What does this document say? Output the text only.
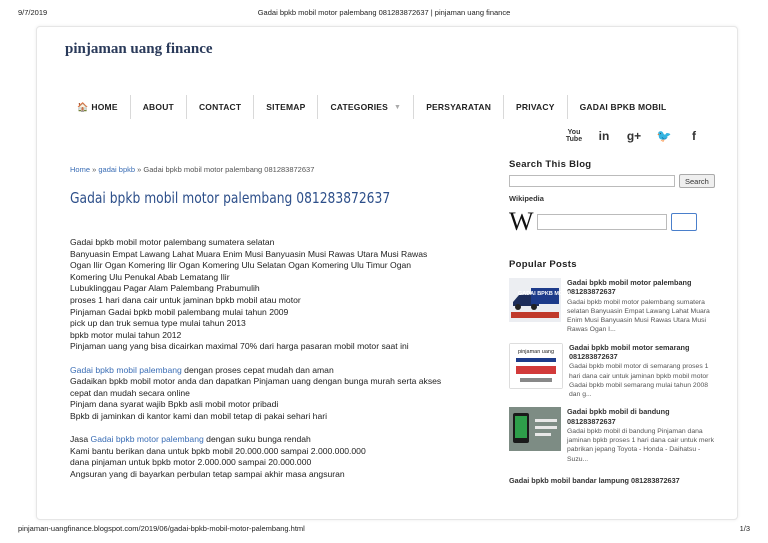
9/7/2019	Gadai bpkb mobil motor palembang 081283872637 | pinjaman uang finance
pinjaman uang finance
🏠 HOME	ABOUT	CONTACT	SITEMAP	CATEGORIES ▼	PERSYARATAN	PRIVACY	GADAI BPKB MOBIL
You Tube	in	g+	🐦	f
Home » gadai bpkb » Gadai bpkb mobil motor palembang 081283872637
Gadai bpkb mobil motor palembang 081283872637

Gadai bpkb mobil motor palembang sumatera selatan

Banyuasin Empat Lawang Lahat Muara Enim Musi Banyuasin Musi Rawas Utara Musi Rawas

Ogan Ilir Ogan Komering Ilir Ogan Komering Ulu Selatan Ogan Komering Ulu Timur Ogan

Komering Ulu Penukal Abab Lematang Ilir

Lubuklinggau Pagar Alam Palembang Prabumulih

proses 1 hari dana cair untuk jaminan bpkb mobil atau motor

Pinjaman Gadai bpkb mobil palembang mulai tahun 2009

pick up dan truk semua type mulai tahun 2013

bpkb motor mulai tahun 2012

Pinjaman uang yang bisa dicairkan maximal 70% dari harga pasaran mobil motor saat ini

Gadai bpkb mobil palembang dengan proses cepat mudah dan aman

Gadaikan bpkb mobil motor anda dan dapatkan Pinjaman uang dengan bunga murah serta akses

cepat dan mudah secara online

Pinjam dana syarat wajib Bpkb asli mobil motor pribadi

Bpkb di jaminkan di kantor kami dan mobil tetap di pakai sehari hari

Jasa Gadai bpkb motor palembang dengan suku bunga rendah

Kami bantu berikan dana untuk bpkb mobil 20.000.000 sampai 2.000.000.000

dana pinjaman untuk bpkb motor 2.000.000 sampai 20.000.000

Angsuran yang di bayarkan perbulan tetap sampai akhir masa angsuran

Search This Blog
Search
Wikipedia
W
Popular Posts
GADAI BPKB MOBIL
Gadai bpkb mobil motor palembang 081283872637
Gadai bpkb mobil motor palembang sumatera selatan Banyuasin Empat Lawang Lahat Muara Enim Musi Banyuasin Musi Rawas Utara Musi Rawas Ogan I...
pinjaman uang Gadai bpkb mobil motor semarang 081283872637
Gadai bpkb mobil motor di semarang proses 1 hari dana cair untuk jaminan bpkb mobil motor Gadai bpkb mobil semarang mulai tahun 2008 dan g...
Gadai bpkb mobil di bandung 081283872637
Gadai bpkb mobil di bandung Pinjaman dana jaminan bpkb proses 1 hari dana cair untuk merk pabrikan jepang Toyota - Honda - Daihatsu - Suzu...
Gadai bpkb mobil bandar lampung 081283872637
pinjaman-uangfinance.blogspot.com/2019/06/gadai-bpkb-mobil-motor-palembang.html	1/3
